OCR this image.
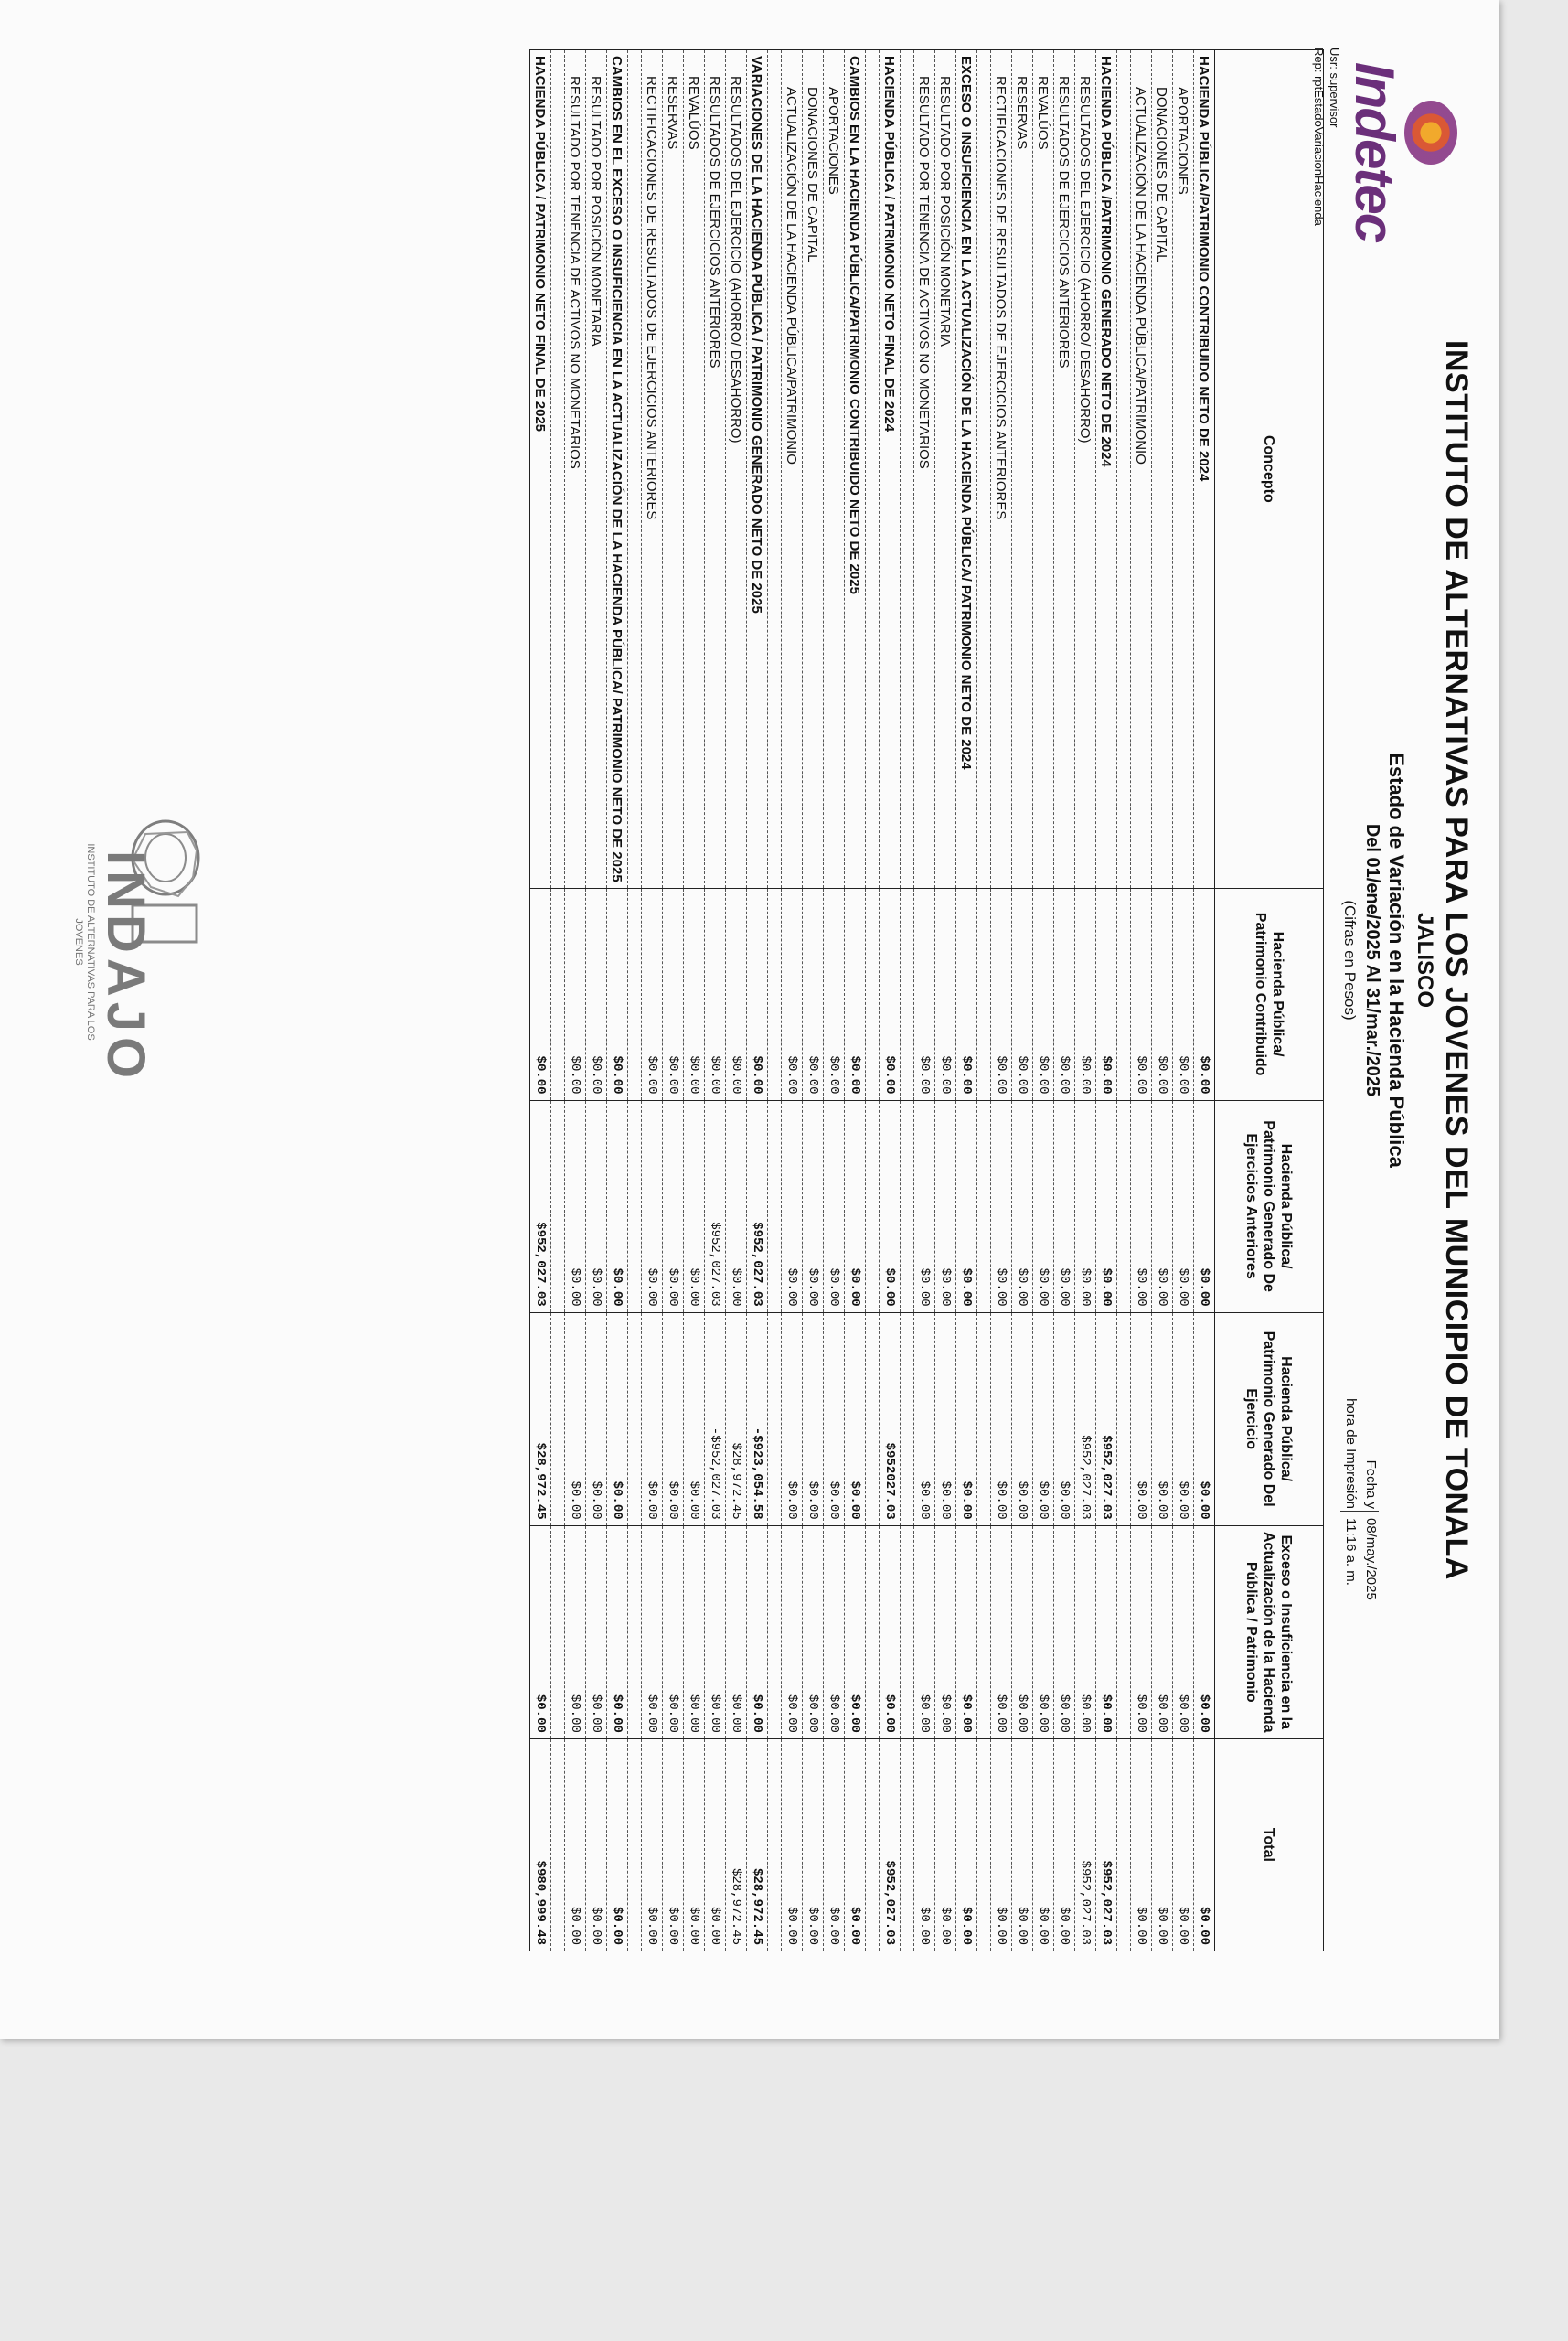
Indetec
Usr: supervisor
Rep: rptEstadoVariacionHacienda
INSTITUTO DE ALTERNATIVAS PARA LOS JOVENES DEL MUNICIPIO DE TONALA
JALISCO
Estado de Variación en la Hacienda Pública
Del 01/ene/2025 Al 31/mar./2025
(Cifras en Pesos)
Fecha y
08/may./2025
hora de Impresión
11:16 a. m.
Concepto	Hacienda Pública/ Patrimonio Contribuido	Hacienda Pública/ Patrimonio Generado De Ejercicios Anteriores	Hacienda Pública/ Patrimonio Generado Del Ejercicio	Exceso o Insuficiencia en la Actualización de la Hacienda Pública / Patrimonio	Total
HACIENDA PÚBLICA/PATRIMONIO CONTRIBUIDO NETO DE 2024	$0.00	$0.00	$0.00	$0.00	$0.00
APORTACIONES	$0.00	$0.00	$0.00	$0.00	$0.00
DONACIONES DE CAPITAL	$0.00	$0.00	$0.00	$0.00	$0.00
ACTUALIZACIÓN DE LA HACIENDA PÚBLICA/PATRIMONIO	$0.00	$0.00	$0.00	$0.00	$0.00

HACIENDA PÚBLICA /PATRIMONIO GENERADO NETO DE 2024	$0.00	$0.00	$952,027.03	$0.00	$952,027.03
RESULTADOS DEL EJERCICIO (AHORRO/ DESAHORRO)	$0.00	$0.00	$952,027.03	$0.00	$952,027.03
RESULTADOS DE EJERCICIOS ANTERIORES	$0.00	$0.00	$0.00	$0.00	$0.00
REVALÚOS	$0.00	$0.00	$0.00	$0.00	$0.00
RESERVAS	$0.00	$0.00	$0.00	$0.00	$0.00
RECTIFICACIONES DE RESULTADOS DE EJERCICIOS ANTERIORES	$0.00	$0.00	$0.00	$0.00	$0.00

EXCESO O INSUFICIENCIA EN LA ACTUALIZACIÓN DE LA HACIENDA PÚBLICA/ PATRIMONIO NETO DE 2024	$0.00	$0.00	$0.00	$0.00	$0.00
RESULTADO POR POSICIÓN MONETARIA	$0.00	$0.00	$0.00	$0.00	$0.00
RESULTADO POR TENENCIA DE ACTIVOS NO MONETARIOS	$0.00	$0.00	$0.00	$0.00	$0.00

HACIENDA PÚBLICA / PATRIMONIO NETO FINAL DE 2024	$0.00	$0.00	$952027.03	$0.00	$952,027.03

CAMBIOS EN LA HACIENDA PÚBLICA/PATRIMONIO CONTRIBUIDO NETO DE 2025	$0.00	$0.00	$0.00	$0.00	$0.00
APORTACIONES	$0.00	$0.00	$0.00	$0.00	$0.00
DONACIONES DE CAPITAL	$0.00	$0.00	$0.00	$0.00	$0.00
ACTUALIZACIÓN DE LA HACIENDA PÚBLICA/PATRIMONIO	$0.00	$0.00	$0.00	$0.00	$0.00

VARIACIONES DE LA HACIENDA PÚBLICA / PATRIMONIO GENERADO NETO DE 2025	$0.00	$952,027.03	-$923,054.58	$0.00	$28,972.45
RESULTADOS DEL EJERCICIO (AHORRO/ DESAHORRO)	$0.00	$0.00	$28,972.45	$0.00	$28,972.45
RESULTADOS DE EJERCICIOS ANTERIORES	$0.00	$952,027.03	-$952,027.03	$0.00	$0.00
REVALÚOS	$0.00	$0.00	$0.00	$0.00	$0.00
RESERVAS	$0.00	$0.00	$0.00	$0.00	$0.00
RECTIFICACIONES DE RESULTADOS DE EJERCICIOS ANTERIORES	$0.00	$0.00	$0.00	$0.00	$0.00

CAMBIOS EN EL EXCESO O INSUFICIENCIA EN LA ACTUALIZACIÓN DE LA HACIENDA PÚBLICA/ PATRIMONIO NETO DE 2025	$0.00	$0.00	$0.00	$0.00	$0.00
RESULTADO POR POSICIÓN MONETARIA	$0.00	$0.00	$0.00	$0.00	$0.00
RESULTADO POR TENENCIA DE ACTIVOS NO MONETARIOS	$0.00	$0.00	$0.00	$0.00	$0.00

HACIENDA PÚBLICA / PATRIMONIO NETO FINAL DE 2025	$0.00	$952,027.03	$28,972.45	$0.00	$980,999.48
INDAJO
INSTITUTO DE ALTERNATIVAS PARA LOS JOVENES
